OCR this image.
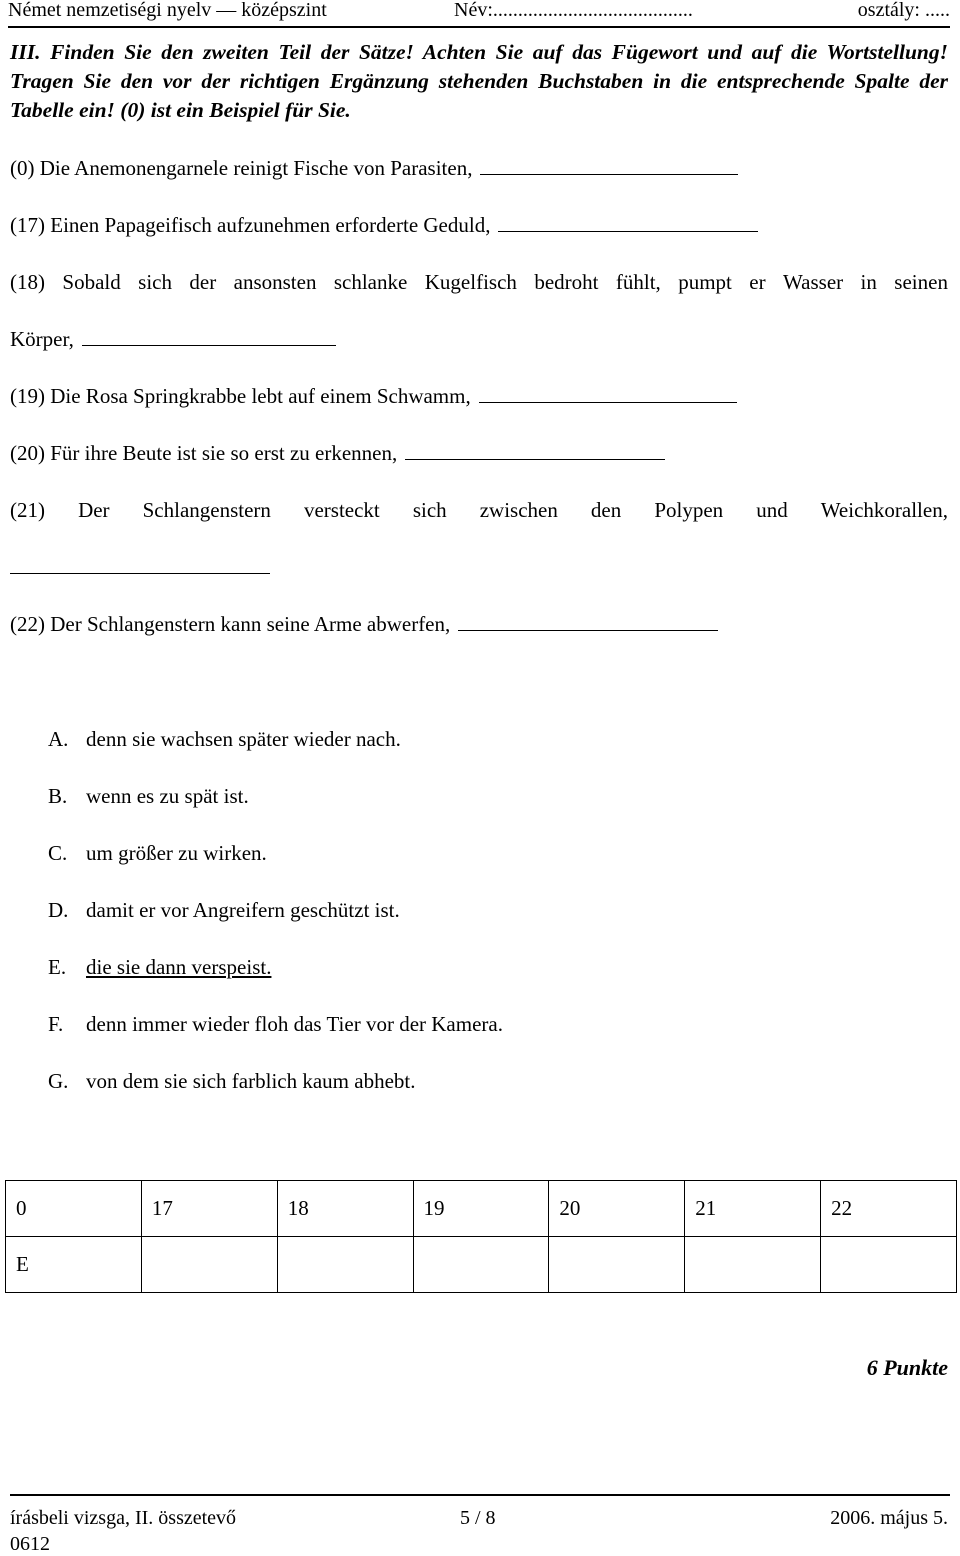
Német nemzetiségi nyelv — középszint	Név:........................................	osztály: .....
III. Finden Sie den zweiten Teil der Sätze! Achten Sie auf das Fügewort und auf die Wortstellung! Tragen Sie den vor der richtigen Ergänzung stehenden Buchstaben in die entsprechende Spalte der Tabelle ein! (0) ist ein Beispiel für Sie.
(0) Die Anemonengarnele reinigt Fische von Parasiten,
(17) Einen Papageifisch aufzunehmen erforderte Geduld,
(18) Sobald sich der ansonsten schlanke Kugelfisch bedroht fühlt, pumpt er Wasser in seinen
Körper,
(19) Die Rosa Springkrabbe lebt auf einem Schwamm,
(20) Für ihre Beute ist sie so erst zu erkennen,
(21) Der Schlangenstern versteckt sich zwischen den Polypen und Weichkorallen,
(22) Der Schlangenstern kann seine Arme abwerfen,
A. denn sie wachsen später wieder nach.
B. wenn es zu spät ist.
C. um größer zu wirken.
D. damit er vor Angreifern geschützt ist.
E. die sie dann verspeist.
F. denn immer wieder floh das Tier vor der Kamera.
G. von dem sie sich farblich kaum abhebt.
0	17	18	19	20	21	22
E						
6 Punkte
írásbeli vizsga, II. összetevő	5 / 8	2006. május 5.
0612
